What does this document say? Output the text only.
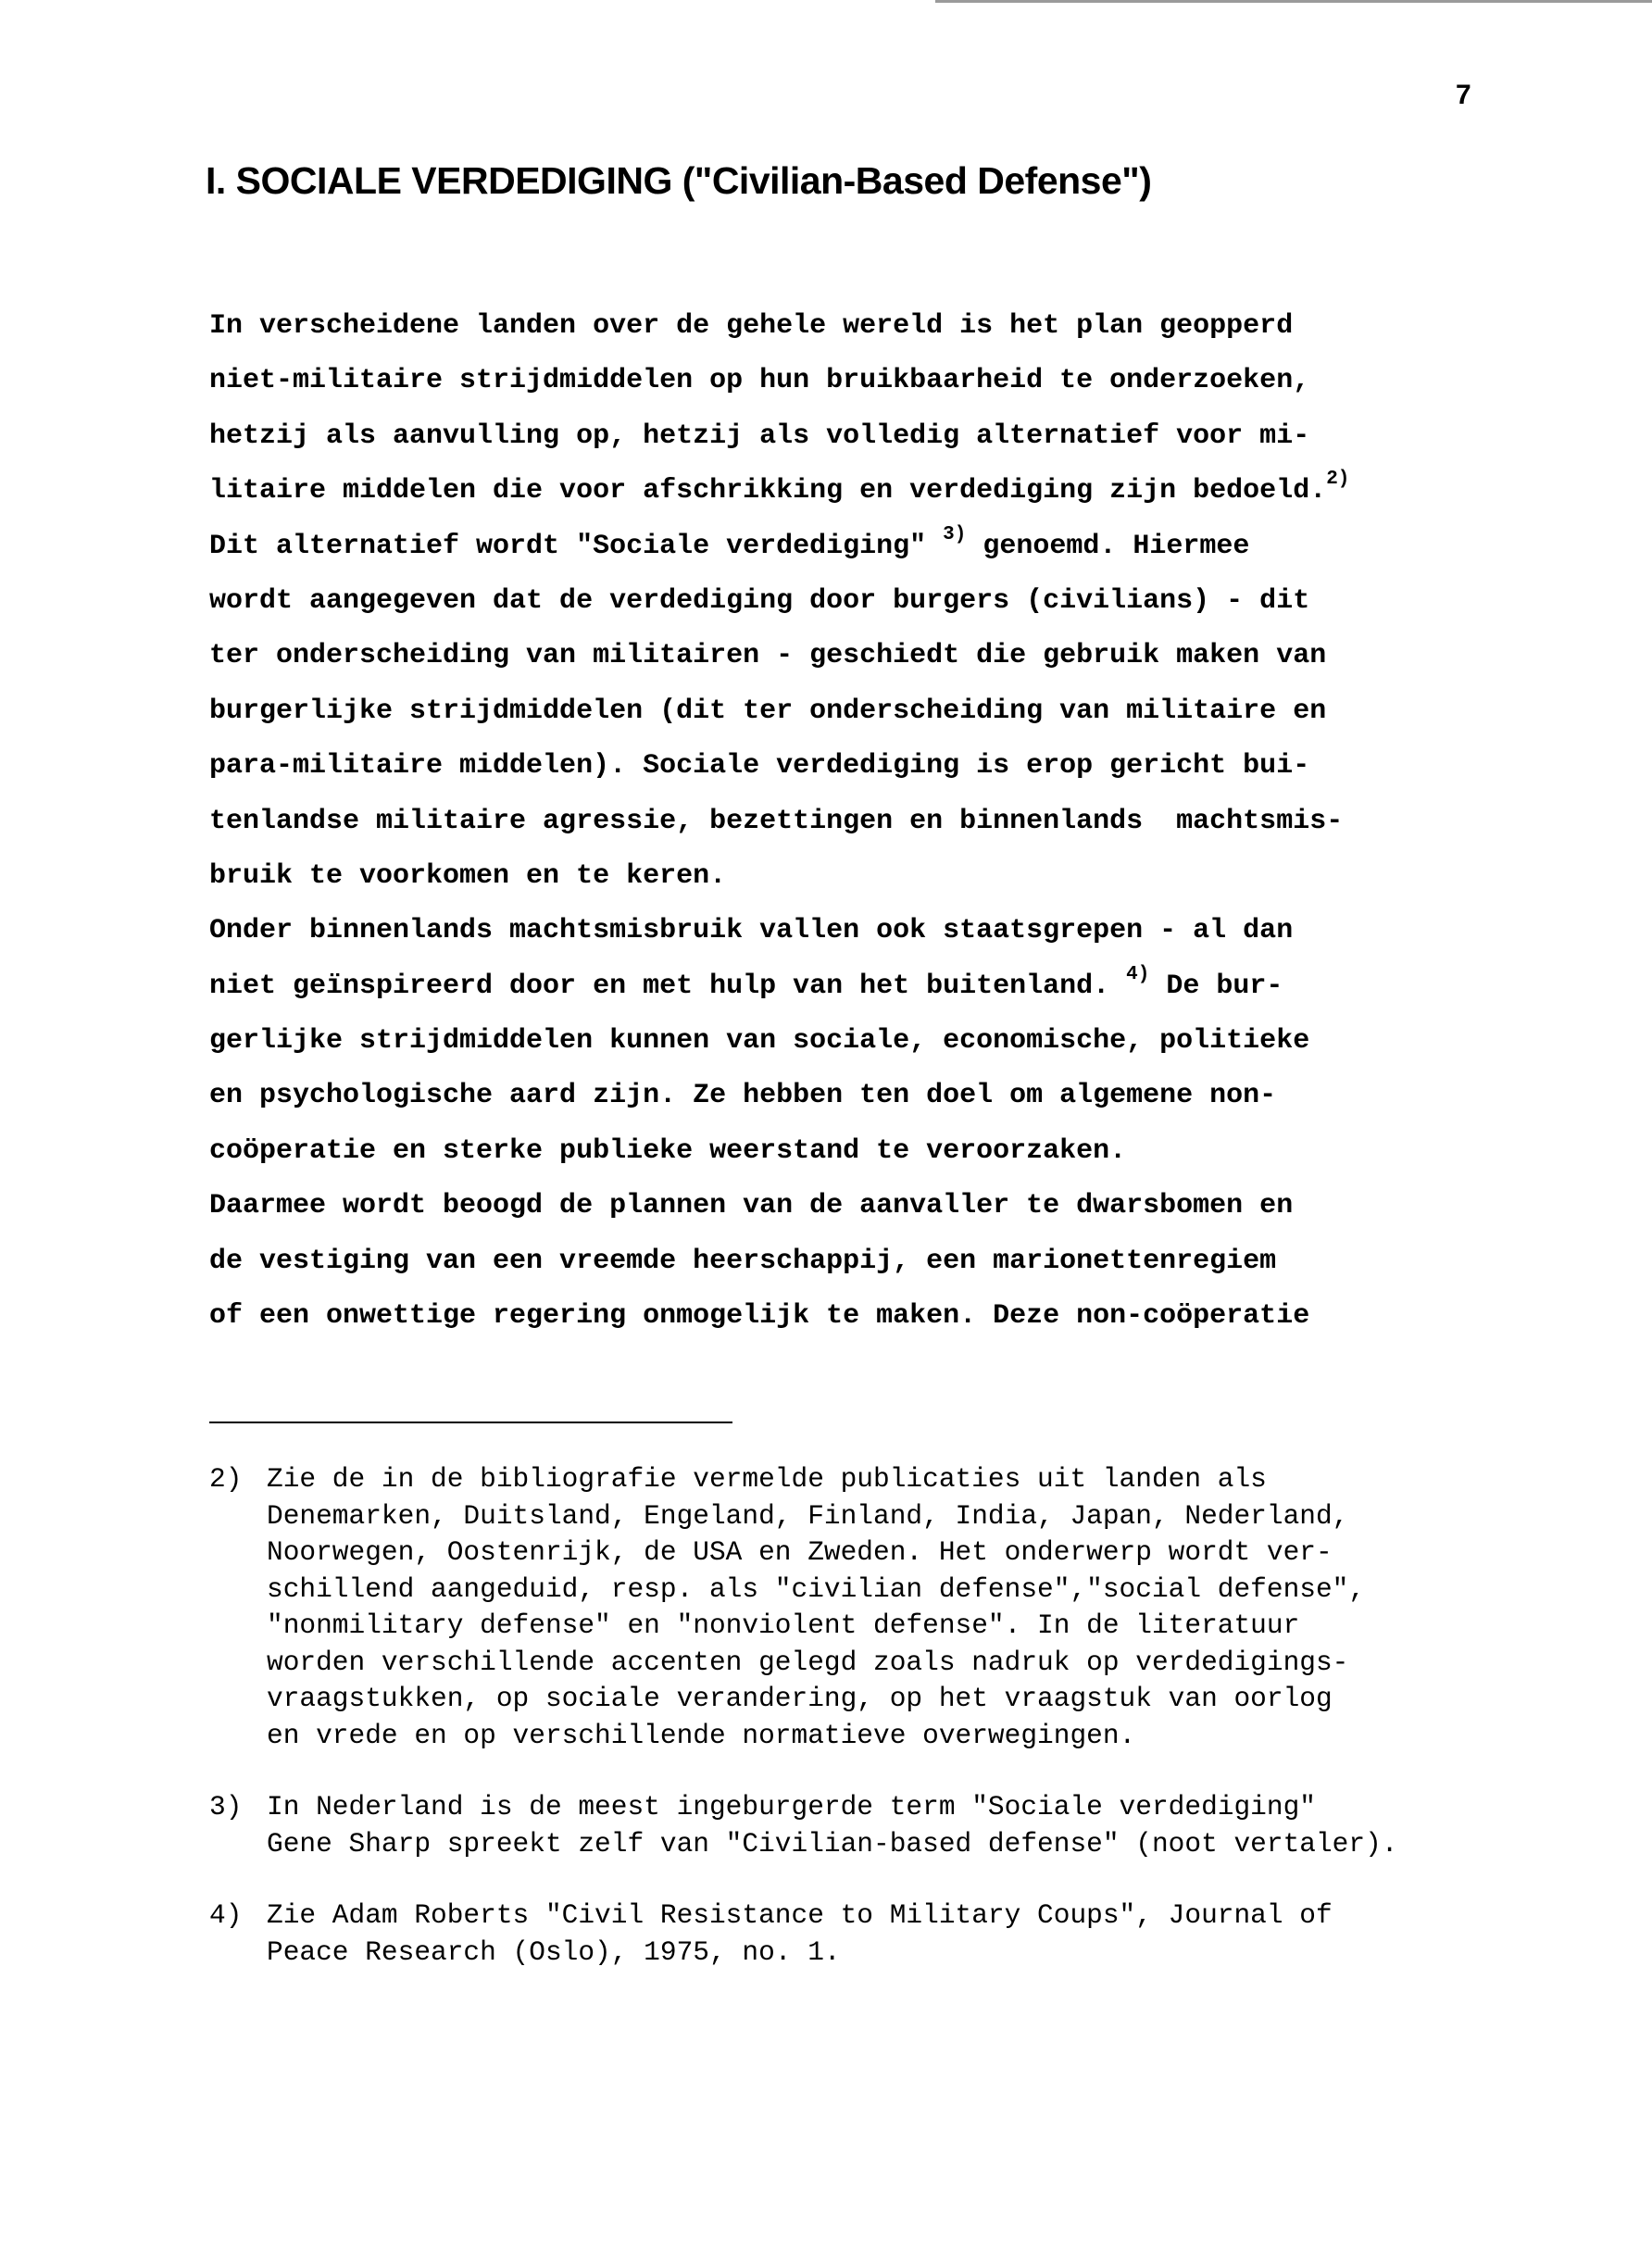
7
I. SOCIALE VERDEDIGING ("Civilian-Based Defense")
In verscheidene landen over de gehele wereld is het plan geopperd
niet-militaire strijdmiddelen op hun bruikbaarheid te onderzoeken,
hetzij als aanvulling op, hetzij als volledig alternatief voor mi-
litaire middelen die voor afschrikking en verdediging zijn bedoeld.$^{2)}$
Dit alternatief wordt "Sociale verdediging" $^{3)}$ genoemd. Hiermee
wordt aangegeven dat de verdediging door burgers (civilians) - dit
ter onderscheiding van militairen - geschiedt die gebruik maken van
burgerlijke strijdmiddelen (dit ter onderscheiding van militaire en
para-militaire middelen). Sociale verdediging is erop gericht bui-
tenlandse militaire agressie, bezettingen en binnenlands  machtsmis-
bruik te voorkomen en te keren.
Onder binnenlands machtsmisbruik vallen ook staatsgrepen - al dan
niet geïnspireerd door en met hulp van het buitenland. $^{4)}$ De bur-
gerlijke strijdmiddelen kunnen van sociale, economische, politieke
en psychologische aard zijn. Ze hebben ten doel om algemene non-
coöperatie en sterke publieke weerstand te veroorzaken.
Daarmee wordt beoogd de plannen van de aanvaller te dwarsbomen en
de vestiging van een vreemde heerschappij, een marionettenregiem
of een onwettige regering onmogelijk te maken. Deze non-coöperatie
2) Zie de in de bibliografie vermelde publicaties uit landen als
Denemarken, Duitsland, Engeland, Finland, India, Japan, Nederland,
Noorwegen, Oostenrijk, de USA en Zweden. Het onderwerp wordt ver-
schillend aangeduid, resp. als "civilian defense","social defense",
"nonmilitary defense" en "nonviolent defense". In de literatuur
worden verschillende accenten gelegd zoals nadruk op verdedigings-
vraagstukken, op sociale verandering, op het vraagstuk van oorlog
en vrede en op verschillende normatieve overwegingen.
3) In Nederland is de meest ingeburgerde term "Sociale verdediging"
Gene Sharp spreekt zelf van "Civilian-based defense" (noot vertaler).
4) Zie Adam Roberts "Civil Resistance to Military Coups", Journal of
Peace Research (Oslo), 1975, no. 1.
